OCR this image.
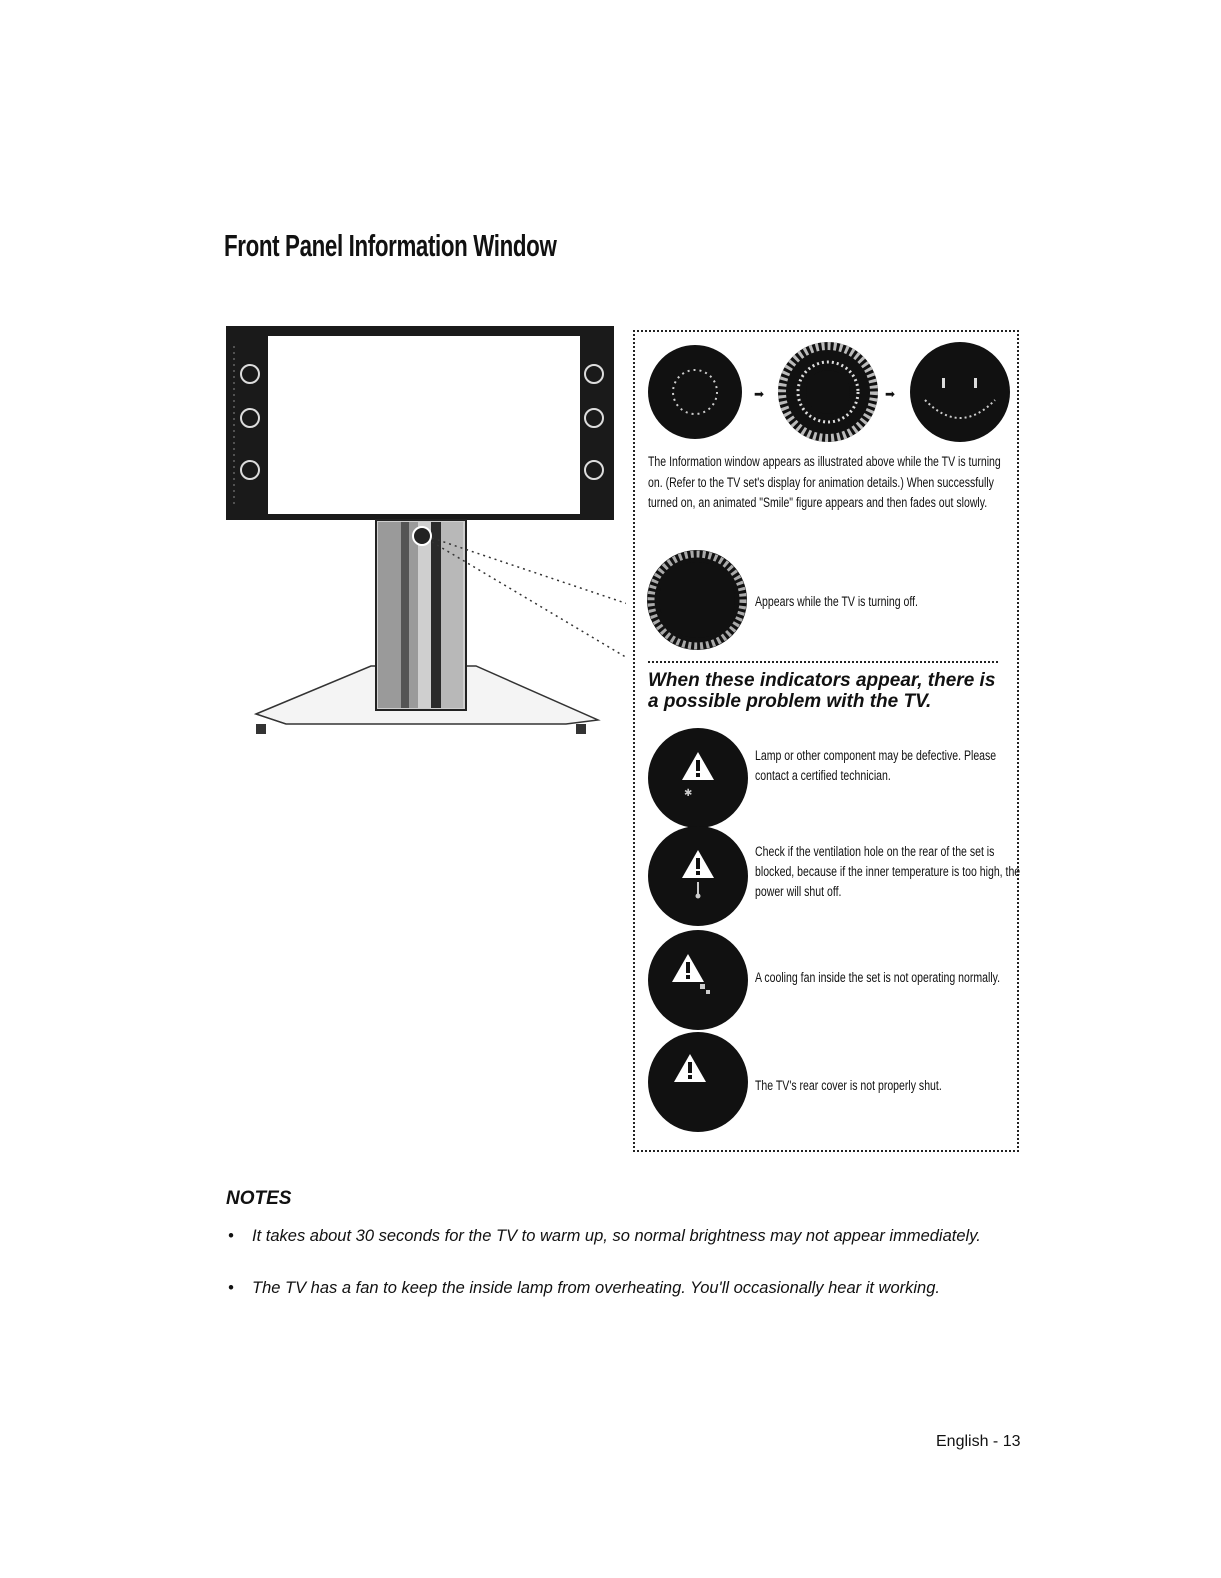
Front Panel Information Window
➡	➡
The Information window appears as illustrated above while the TV is turning on. (Refer to the TV set's display for animation details.) When successfully turned on, an animated "Smile" figure appears and then fades out slowly.
Appears while the TV is turning off.
When these indicators appear, there is a possible problem with the TV.
✱
Lamp or other component may be defective. Please contact a certified technician.
Check if the ventilation hole on the rear of the set is blocked, because if the inner temperature is too high, the power will shut off.
A cooling fan inside the set is not operating normally.
The TV's rear cover is not properly shut.
NOTES
• It takes about 30 seconds for the TV to warm up, so normal brightness may not appear immediately.
• The TV has a fan to keep the inside lamp from overheating. You'll occasionally hear it working.
English - 13
